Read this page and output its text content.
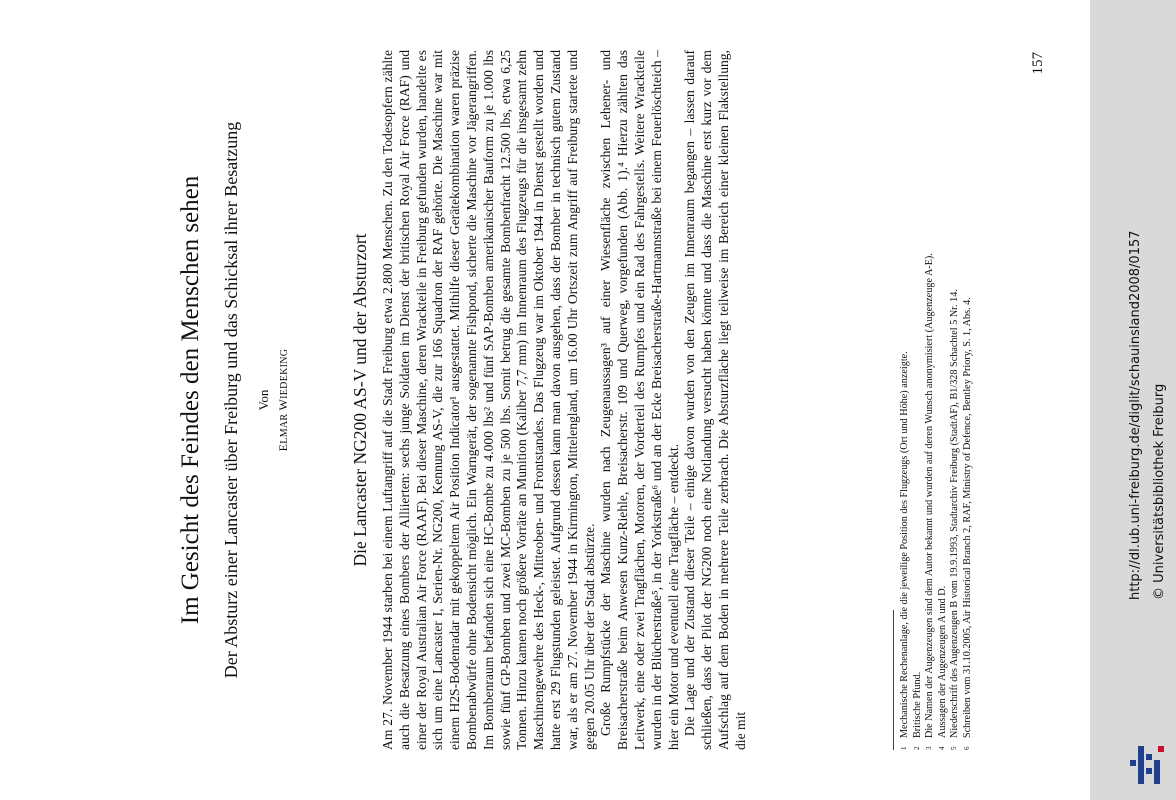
Im Gesicht des Feindes den Menschen sehen Der Absturz einer Lancaster über Freiburg und das Schicksal ihrer Besatzung Von
ELMAR WIEDEKING	Die Lancaster NG200 AS-V und der Absturzort Am 27. November 1944 starben bei einem Luftangriff auf die Stadt Freiburg etwa 2.800 Menschen. Zu den Todesopfern zählte auch die Besatzung eines Bombers der Alliierten: sechs junge Soldaten im Dienst der britischen Royal Air Force (RAF) und einer der Royal Australian Air Force (RAAF). Bei dieser Maschine, deren Wrackteile in Freiburg gefunden wurden, handelte es sich um eine Lancaster I, Serien-Nr. NG200, Kennung AS-V, die zur 166 Squadron der RAF gehörte. Die Maschine war mit einem H2S-Bodenradar mit gekoppeltem Air Position Indicator¹ ausgestattet. Mithilfe dieser Gerätekombination waren präzise Bombenabwürfe ohne Bodensicht möglich. Ein Warngerät, der sogenannte Fishpond, sicherte die Maschine vor Jägerangriffen. Im Bombenraum befanden sich eine HC-Bombe zu 4.000 lbs² und fünf SAP-Bomben amerikanischer Bauform zu je 1.000 lbs sowie fünf GP-Bomben und zwei MC-Bomben zu je 500 lbs. Somit betrug die gesamte Bombenfracht 12.500 lbs, etwa 6,25 Tonnen. Hinzu kamen noch größere Vorräte an Munition (Kaliber 7,7 mm) im Innenraum des Flugzeugs für die insgesamt zehn Maschinengewehre des Heck-, Mitteoben- und Frontstandes. Das Flugzeug war im Oktober 1944 in Dienst gestellt worden und hatte erst 29 Flugstunden geleistet. Aufgrund dessen kann man davon ausgehen, dass der Bomber in technisch gutem Zustand war, als er am 27. November 1944 in Kirmington, Mittelengland, um 16.00 Uhr Ortszeit zum Angriff auf Freiburg startete und gegen 20.05 Uhr über der Stadt abstürzte. Große Rumpfstücke der Maschine wurden nach Zeugenaussagen³ auf einer Wiesenfläche zwischen Lehener- und Breisacherstraße beim Anwesen Kunz-Riehle, Breisacherstr. 109 und Querweg, vorgefunden (Abb. 1).⁴ Hierzu zählten das Leitwerk, eine oder zwei Tragflächen, Motoren, der Vorderteil des Rumpfes und ein Rad des Fahrgestells. Weitere Wrackteile wurden in der Blücherstraße⁵, in der Yorkstraße⁶ und an der Ecke Breisacherstraße-Hartmannstraße bei einem Feuerlöschteich – hier ein Motor und eventuell eine Tragfläche – entdeckt. Die Lage und der Zustand dieser Teile – einige davon wurden von den Zeugen im Innenraum begangen – lassen darauf schließen, dass der Pilot der NG200 noch eine Notlandung versucht haben könnte und dass die Maschine erst kurz vor dem Aufschlag auf dem Boden in mehrere Teile zerbrach. Die Absturzfläche liegt teilweise im Bereich einer kleinen Flakstellung, die mit	1
Mechanische Rechenanlage, die die jeweilige Position des Flugzeugs (Ort und Höhe) anzeigte.
2
Britische Pfund.
3
Die Namen der Augenzeugen sind dem Autor bekannt und wurden auf deren Wunsch anonymisiert (Augenzeuge A-E).
4
Aussagen der Augenzeugen A und D.
5
Niederschrift des Augenzeugen B vom 19.9.1993, Stadtarchiv Freiburg (StadtAF), B1/328 Schachtel 5 Nr. 14.
6
Schreiben vom 31.10.2005, Air Historical Branch 2, RAF, Ministry of Defence, Bentley Priory, S. 1, Abs. 4.
157
http://dl.ub.uni-freiburg.de/diglit/schauinsland2008/0157 © Universitätsbibliothek Freiburg
